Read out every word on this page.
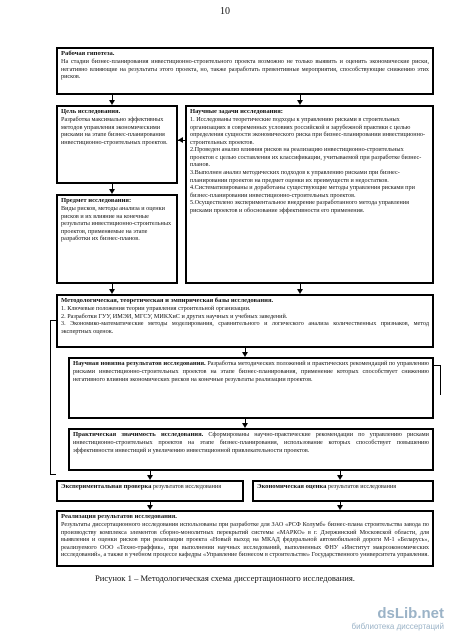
10
Рабочая гипотеза.
На стадии бизнес-планирования инвестиционно-строительного проекта возможно не только выявить и оценить экономические риски, негативно влияющие на результаты этого проекта, но, также разработать превентивные мероприятия, способствующие снижению этих рисков.
Цель исследования.
Разработка максимально эффективных методов управления экономическими рисками на этапе бизнес-планирования инвестиционно-строительных проектов.
Предмет исследования:
Виды рисков, методы анализа и оценки рисков и их влияние на конечные результаты инвестиционно-строительных проектов, применяемые на этапе разработки их бизнес-планов.
Научные задачи исследования:
1. Исследованы теоретические подходы к управлению рисками в строительных организациях в современных условиях российской и зарубежной практики с целью определения сущности экономического риска при бизнес-планировании инвестиционно-строительных проектов.
2.Проведен анализ влияния рисков на реализацию инвестиционно-строительных проектов с целью составления их классификации, учитываемой при разработке бизнес-планов.
3.Выполнен анализ методических подходов к управлению рисками при бизнес-планировании проектов на предмет оценки их преимуществ и недостатков.
4.Систематизированы и доработаны существующие методы управления рисками при бизнес-планировании инвестиционно-строительных проектов.
5.Осуществлено экспериментальное внедрение разработанного метода управления рисками проектов и обоснование эффективности его применения.
Методологическая, теоретическая и эмпирическая базы исследования.
1. Ключевые положения теории управления строительной организации.
2. Разработки ГУУ, ИМЭИ, МГСУ, МИКХиС и других научных и учебных заведений.
3. Экономико-математические методы моделирования, сравнительного и логического анализа количественных признаков, метод экспертных оценок.
Научная новизна результатов исследования. Разработка методических положений и практических рекомендаций по управлению рисками инвестиционно-строительных проектов на этапе бизнес-планирования, применение которых способствует снижению негативного влияния экономических рисков на конечные результаты реализации проектов.
Практическая значимость исследования. Сформированы научно-практические рекомендации по управлению рисками инвестиционно-строительных проектов на этапе бизнес-планирования, использование которых способствует повышению эффективности инвестиций и увеличению инвестиционной привлекательности проектов.
Экспериментальная проверка результатов исследования	Экономическая оценка результатов исследования
Реализация результатов исследования.
Результаты диссертационного исследования использованы при разработке для ЗАО «РСФ Колумб» бизнес-плана строительства завода по производству комплекса элементов сборно-монолитных перекрытий системы «МАРКО» в г. Дзержинский Московской области, для выявления и оценки рисков при реализации проекта «Новый выход на МКАД федеральной автомобильной дороги М-1 «Беларусь», реализуемого ООО «Техно-траффик», при выполнении научных исследований, выполненных ФНУ «Институт макроэкономических исследований», а также в учебном процессе кафедры «Управление бизнесом в строительстве» Государственного университета управления.
Рисунок 1 – Методологическая схема диссертационного исследования.
dsLib.net
библиотека диссертаций
